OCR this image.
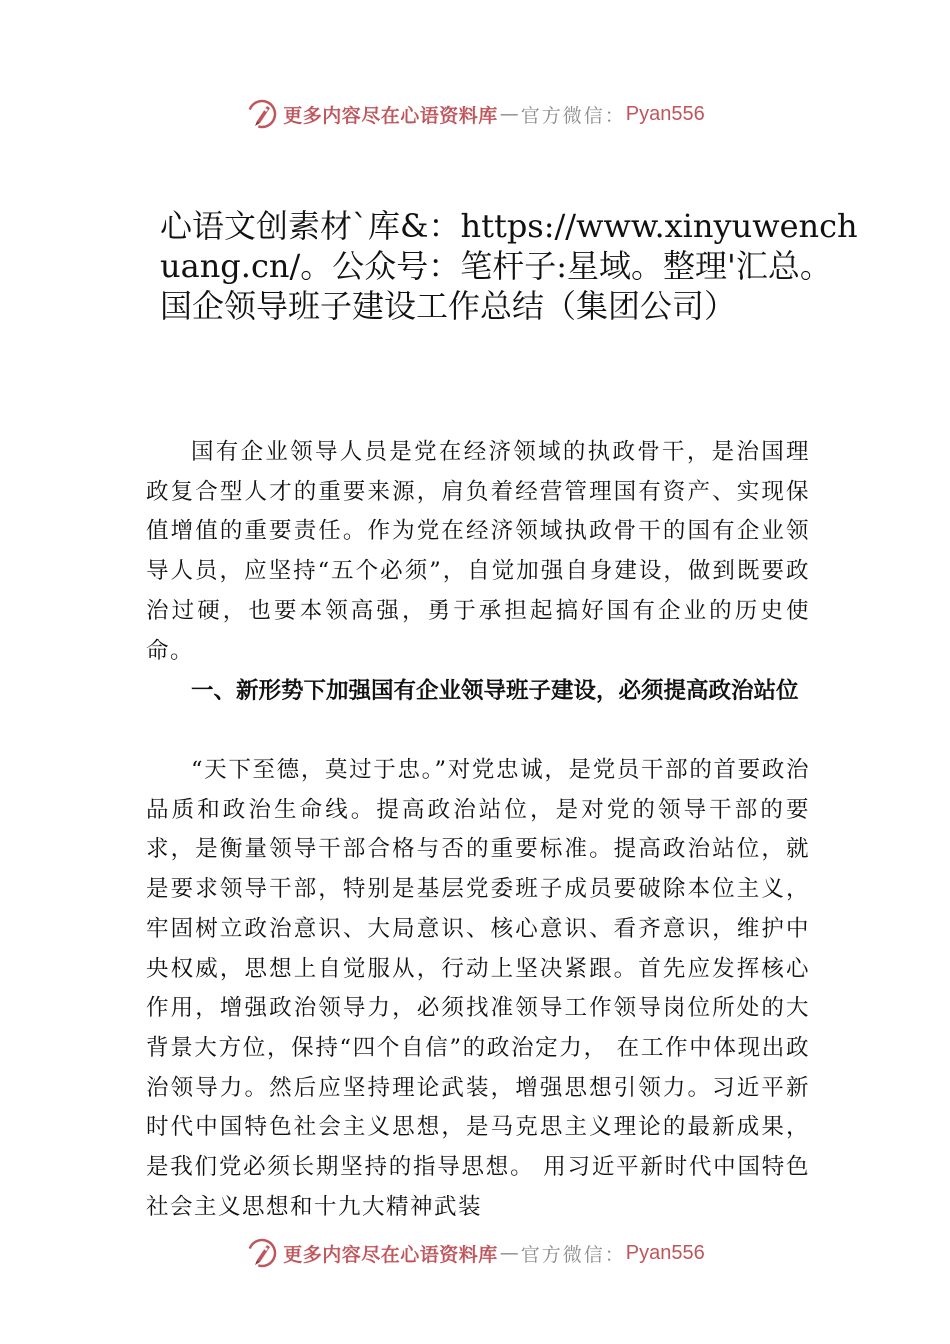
更多内容尽在心语资料库 — 官方微信： Pyan556
心语文创素材`库&：https://www.xinyuwenchuang.cn/。公众号：笔杆子:星域。整理'汇总。国企领导班子建设工作总结（集团公司）

国有企业领导人员是党在经济领域的执政骨干，是治国理政复合型人才的重要来源，肩负着经营管理国有资产、实现保值增值的重要责任。作为党在经济领域执政骨干的国有企业领导人员，应坚持“五个必须”，自觉加强自身建设，做到既要政治过硬，也要本领高强，勇于承担起搞好国有企业的历史使命。

一、新形势下加强国有企业领导班子建设，必须提高政治站位

“天下至德，莫过于忠。”对党忠诚，是党员干部的首要政治品质和政治生命线。提高政治站位，是对党的领导干部的要求，是衡量领导干部合格与否的重要标准。提高政治站位，就是要求领导干部，特别是基层党委班子成员要破除本位主义，牢固树立政治意识、大局意识、核心意识、看齐意识，维护中央权威，思想上自觉服从，行动上坚决紧跟。首先应发挥核心作用，增强政治领导力，必须找准领导工作领导岗位所处的大背景大方位，保持“四个自信”的政治定力， 在工作中体现出政治领导力。然后应坚持理论武装，增强思想引领力。习近平新时代中国特色社会主义思想，是马克思主义理论的最新成果，是我们党必须长期坚持的指导思想。 用习近平新时代中国特色社会主义思想和十九大精神武装

更多内容尽在心语资料库 — 官方微信： Pyan556
